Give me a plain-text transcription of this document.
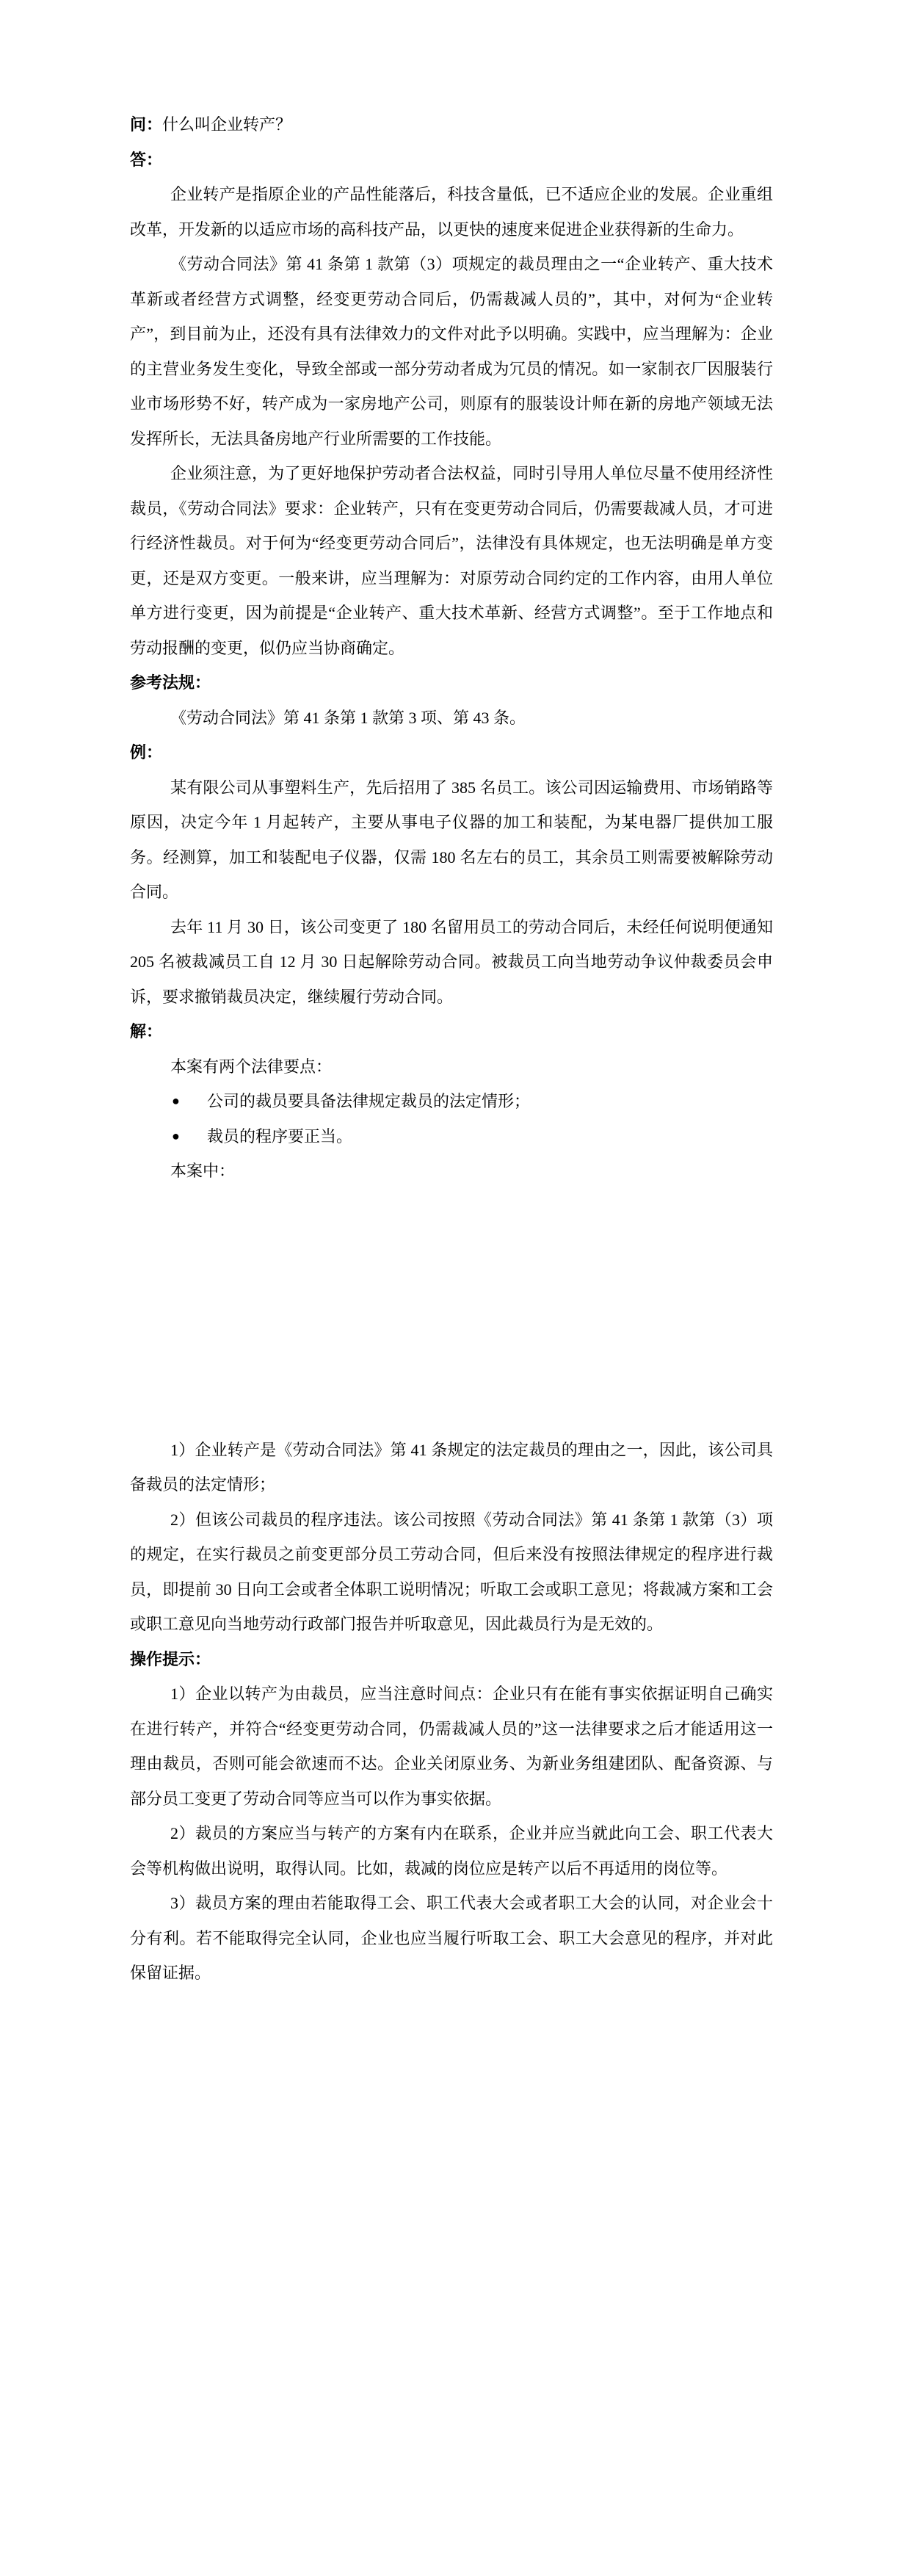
问：什么叫企业转产？

答：

企业转产是指原企业的产品性能落后，科技含量低，已不适应企业的发展。企业重组改革，开发新的以适应市场的高科技产品，以更快的速度来促进企业获得新的生命力。

《劳动合同法》第 41 条第 1 款第（3）项规定的裁员理由之一“企业转产、重大技术革新或者经营方式调整，经变更劳动合同后，仍需裁减人员的”，其中，对何为“企业转产”，到目前为止，还没有具有法律效力的文件对此予以明确。实践中，应当理解为：企业的主营业务发生变化，导致全部或一部分劳动者成为冗员的情况。如一家制衣厂因服装行业市场形势不好，转产成为一家房地产公司，则原有的服装设计师在新的房地产领域无法发挥所长，无法具备房地产行业所需要的工作技能。

企业须注意，为了更好地保护劳动者合法权益，同时引导用人单位尽量不使用经济性裁员，《劳动合同法》要求：企业转产，只有在变更劳动合同后，仍需要裁减人员，才可进行经济性裁员。对于何为“经变更劳动合同后”，法律没有具体规定，也无法明确是单方变更，还是双方变更。一般来讲，应当理解为：对原劳动合同约定的工作内容，由用人单位单方进行变更，因为前提是“企业转产、重大技术革新、经营方式调整”。至于工作地点和劳动报酬的变更，似仍应当协商确定。

参考法规：

《劳动合同法》第 41 条第 1 款第 3 项、第 43 条。

例：

某有限公司从事塑料生产，先后招用了 385 名员工。该公司因运输费用、市场销路等原因，决定今年 1 月起转产，主要从事电子仪器的加工和装配，为某电器厂提供加工服务。经测算，加工和装配电子仪器，仅需 180 名左右的员工，其余员工则需要被解除劳动合同。

去年 11 月 30 日，该公司变更了 180 名留用员工的劳动合同后，未经任何说明便通知 205 名被裁减员工自 12 月 30 日起解除劳动合同。被裁员工向当地劳动争议仲裁委员会申诉，要求撤销裁员决定，继续履行劳动合同。

解：

本案有两个法律要点：

●	公司的裁员要具备法律规定裁员的法定情形；
●	裁员的程序要正当。

本案中：

1）企业转产是《劳动合同法》第 41 条规定的法定裁员的理由之一，因此，该公司具备裁员的法定情形；

2）但该公司裁员的程序违法。该公司按照《劳动合同法》第 41 条第 1 款第（3）项的规定，在实行裁员之前变更部分员工劳动合同，但后来没有按照法律规定的程序进行裁员，即提前 30 日向工会或者全体职工说明情况；听取工会或职工意见；将裁减方案和工会或职工意见向当地劳动行政部门报告并听取意见，因此裁员行为是无效的。

操作提示：

1）企业以转产为由裁员，应当注意时间点：企业只有在能有事实依据证明自己确实在进行转产，并符合“经变更劳动合同，仍需裁减人员的”这一法律要求之后才能适用这一理由裁员，否则可能会欲速而不达。企业关闭原业务、为新业务组建团队、配备资源、与部分员工变更了劳动合同等应当可以作为事实依据。

2）裁员的方案应当与转产的方案有内在联系，企业并应当就此向工会、职工代表大会等机构做出说明，取得认同。比如，裁减的岗位应是转产以后不再适用的岗位等。

3）裁员方案的理由若能取得工会、职工代表大会或者职工大会的认同，对企业会十分有利。若不能取得完全认同，企业也应当履行听取工会、职工大会意见的程序，并对此保留证据。
